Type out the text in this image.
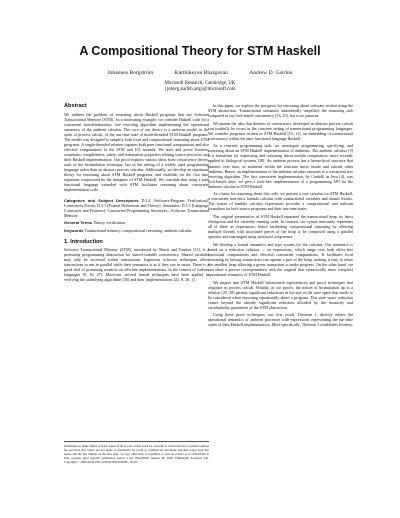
A Compositional Theory for STM Haskell
Johannes Borgström	Karthikeyan Bhargavan	Andrew D. Gordon
Microsoft Research, Cambridge, UK
{joborg,karthb,adg}@microsoft.com
Abstract

We address the problem of reasoning about Haskell programs that use Software Transactional Memory (STM). As a motivating example, we consider Haskell code for a concurrent non-deterministic tree rewriting algorithm implementing the operational semantics of the ambient calculus. The core of our theory is a uniform model, in the spirit of process calculi, of the run-time state of multi-threaded STM Haskell programs. The model was designed to simplify both local and compositional reasoning about STM programs. A single-threaded relation captures both pure functional computations and also effectful computations in the STM and I/O monads. We state and prove liveness, soundness, completeness, safety, and termination properties relating source processes and their Haskell implementation. Our proof exploits various ideas from concurrency theory, such as the bisimulation technique, but in the setting of a widely used programming language rather than an abstract process calculus. Additionally, we develop an equational theory for reasoning about STM Haskell programs, and establish for the first time equations conjectured by the designers of STM Haskell. We conclude that using a pure functional language extended with STM facilitates reasoning about concurrent implementation code.

Categories and Subject Descriptors D.2.4 [Software/Program Verification]: Correctness Proofs; D.3.1 [Formal Definitions and Theory]: Semantics; D.3.3 [Language Constructs and Features]: Concurrent Programming Structures—Software Transactional Memory

General Terms Theory, verification

Keywords Transactional memory, compositional reasoning, ambient calculus

1. Introduction

Software Transactional Memory (STM), introduced by Shavit and Touitou [31], is a promising programming abstraction for shared-variable concurrency. Shared variables may only be accessed within transactions. Ingenious software techniques allow transactions to run in parallel while their semantics is as if they run in series. There is a good deal of promising research on efficient implementations, in the context of various languages [9, 10, 27]. Moreover, several formal techniques have been applied to verifying the underlying algorithms [30] and their implementations [22, 8, 20, 1].

Permission to make digital or hard copies of all or part of this work for personal or classroom use is granted without fee provided that copies are not made or distributed for profit or commercial advantage and that copies bear this notice and the full citation on the first page. To copy otherwise, to republish, to post on servers or to redistribute to lists, requires prior specific permission and/or a fee. Haskell'09, August 30, 2009, Edinburgh, Scotland, UK. Copyright © 2009 ACM 978-1-60558-508-6/09/08... $5.00

In this paper, we explore the prospects for reasoning about software written using the STM abstraction. Transactional semantics undoubtedly simplifies the reasoning task compared to say lock-based concurrency [18, 25], but to no panacea.

We pursue the idea that theories of concurrency developed in abstract process calculi can fruitfully be recast in the concrete setting of transactional programming languages. We consider programs written in STM Haskell [10, 11], an embedding of transactional concurrency within the pure functional language Haskell.

As a concrete programming task, we investigate programming, specifying, and reasoning about an STM Haskell implementation of ambients. The ambient calculus [5] is a formalism for expressing and reasoning about mobile computation, more recently applied to biological systems [28]. An ambient process has a hierarchical structure that mutates over time, as ambients within the structure move inside and outside other ambients. Hence, an implementation of the ambient calculus amounts to a concurrent tree rewriting algorithm. The first concurrent implementation, by Cardelli in Java [4], was lock-based; here, we give a lock-free implementation of a programming API for the ambient calculus in STM Haskell.

As a basis for reasoning about this code, we present a core calculus for STM Haskell: a concurrent non-strict lambda calculus with transactional variables and atomic blocks. The syntax of lambda calculus expressions provides a compositional and uniform formalism for both source programs and their run-time states.

The original presentation of STM Haskell separated the transactional heap, its latest checkpoint and the currently running code. In contrast, our syntax uniformly represents all of these as expressions, hence facilitating compositional reasoning by allowing multiple threads with associated pieces of the heap to be composed using a parallel operator and rearranged using structural congruence.

We develop a formal semantics and type system for the calculus. Our semantics is based on a reduction relation → on expressions, which range over both effect-free functional computations and effectful concurrent computations. It facilitates local reasoning by having transactions run against a part of the heap, making it easy to relate the smallest heap allowing a given transaction to make progress. On the other hand, we can show a precise correspondence with the original (but syntactically more complex) operational semantics of STM Haskell.

We import into STM Haskell behavioural equivalences and proof techniques that originate in process calculi. Notably, in our proofs, the notion of bisimulation up to a relation [29, 28] permits significant reductions in the size of the state space that needs to be considered when reasoning equationally about a program. This state space reduction comes beyond the already significant reduction afforded by the atomicity and serializability guarantees of the STM abstraction.

Using these proof techniques, our first result, Theorem 1, directly relates the operational semantics of ambient processes with expressions representing the run-time states of their Haskell implementation. More specifically, Theorem 1 establishes liveness,
